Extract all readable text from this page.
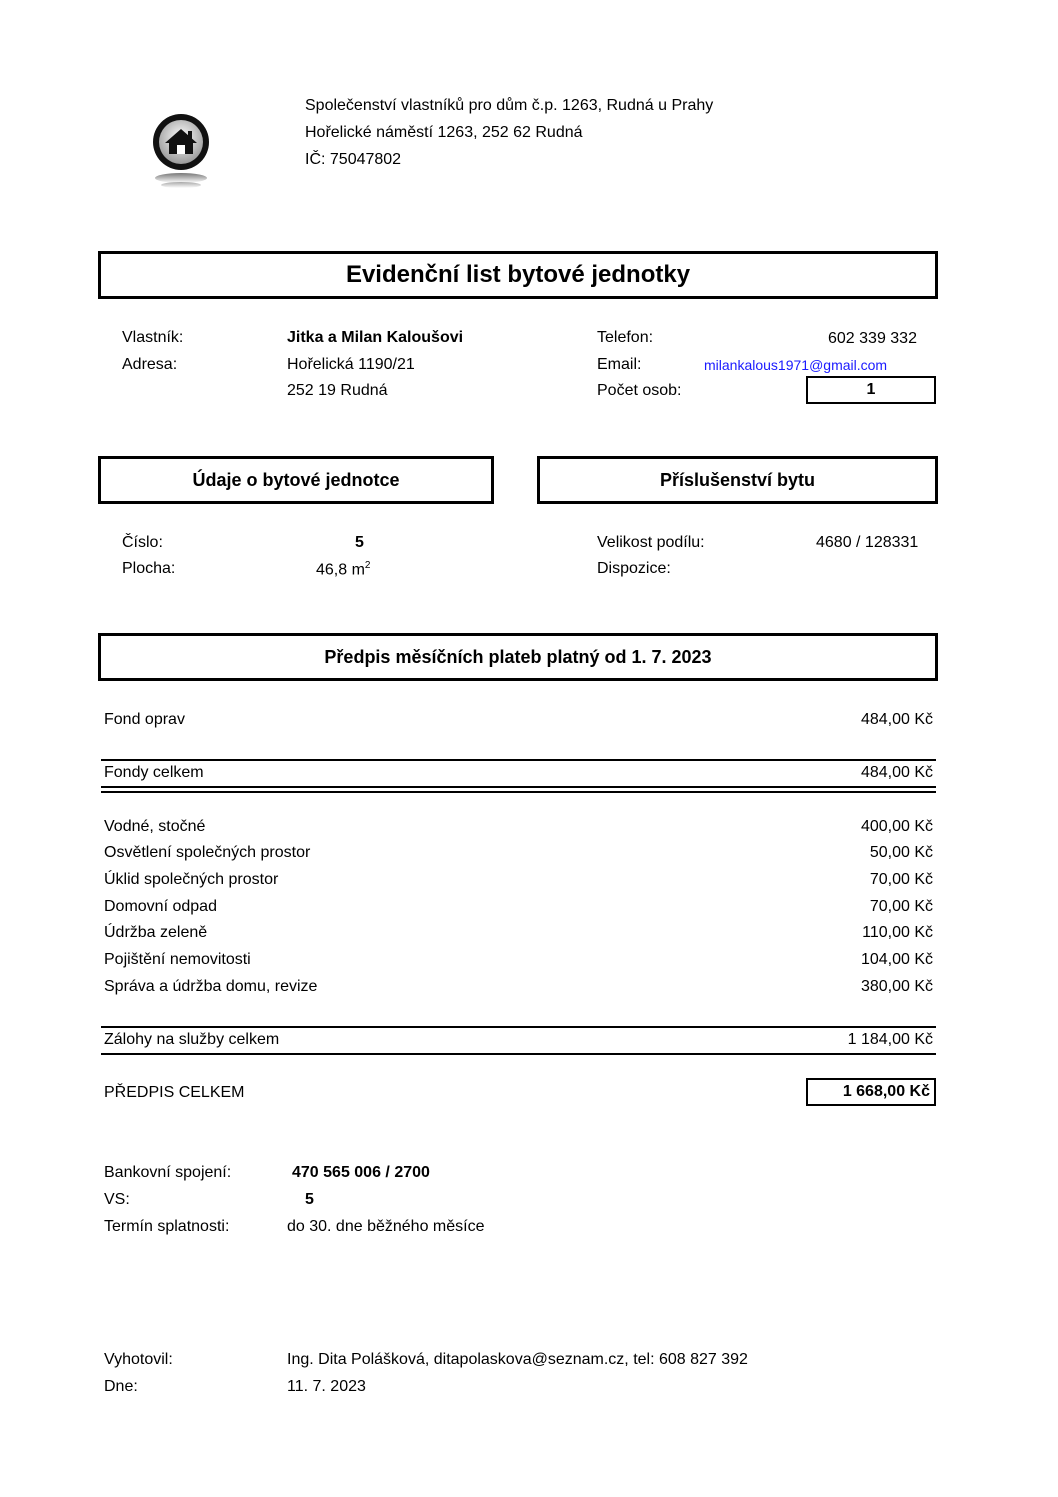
Společenství vlastníků pro dům č.p. 1263, Rudná u Prahy
Hořelické náměstí 1263, 252 62 Rudná
IČ: 75047802
Evidenční list bytové jednotky
Vlastník:	Jitka a Milan Kaloušovi
Adresa:	Hořelická 1190/21
252 19 Rudná
Telefon:	602 339 332
Email:	milankalous1971@gmail.com
Počet osob:	1
Údaje o bytové jednotce	Příslušenství bytu
Číslo:	5
Plocha:	46,8 $m^2$
Velikost podílu:	4680 / 128331
Dispozice:
Předpis měsíčních plateb platný od 1. 7. 2023
Fond oprav	484,00 Kč
Fondy celkem	484,00 Kč
Vodné, stočné	400,00 Kč
Osvětlení společných prostor	50,00 Kč
Úklid společných prostor	70,00 Kč
Domovní odpad	70,00 Kč
Údržba zeleně	110,00 Kč
Pojištění nemovitosti	104,00 Kč
Správa a údržba domu, revize	380,00 Kč
Zálohy na služby celkem	1 184,00 Kč
PŘEDPIS CELKEM	1 668,00 Kč
Bankovní spojení:	470 565 006 / 2700
VS:	5
Termín splatnosti:	do 30. dne běžného měsíce
Vyhotovil:	Ing. Dita Polášková, ditapolaskova@seznam.cz, tel: 608 827 392
Dne:	11. 7. 2023
